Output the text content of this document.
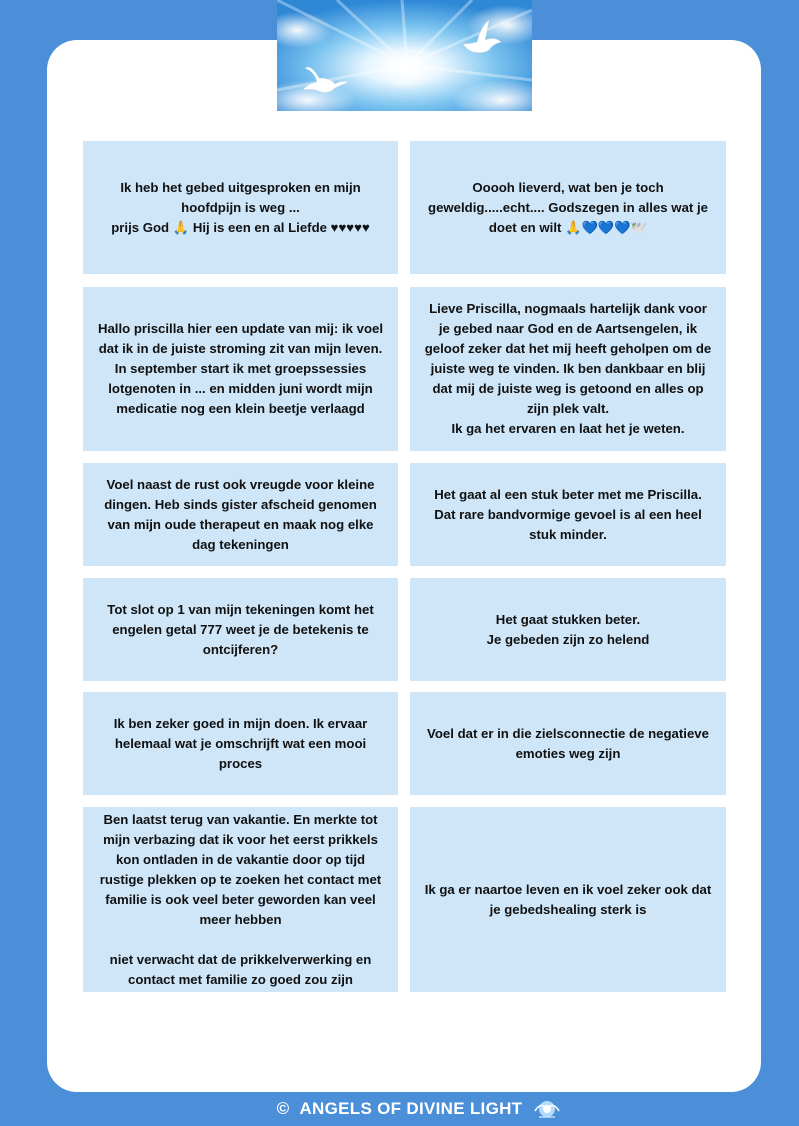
Ik heb het gebed uitgesproken en mijn hoofdpijn is weg ...
prijs God 🙏 Hij is een en al Liefde ♥♥♥♥♥
Ooooh lieverd, wat ben je toch geweldig.....echt.... Godszegen in alles wat je doet en wilt 🙏💙💙💙🕊️
Hallo priscilla hier een update van mij: ik voel dat ik in de juiste stroming zit van mijn leven. In september start ik met groepssessies lotgenoten in ... en midden juni wordt mijn medicatie nog een klein beetje verlaagd
Lieve Priscilla, nogmaals hartelijk dank voor je gebed naar God en de Aartsengelen, ik geloof zeker dat het mij heeft geholpen om de juiste weg te vinden. Ik ben dankbaar en blij dat mij de juiste weg is getoond en alles op zijn plek valt.
Ik ga het ervaren en laat het je weten.
Voel naast de rust ook vreugde voor kleine dingen. Heb sinds gister afscheid genomen van mijn oude therapeut en maak nog elke dag tekeningen
Het gaat al een stuk beter met me Priscilla. Dat rare bandvormige gevoel is al een heel stuk minder.
Tot slot op 1 van mijn tekeningen komt het engelen getal 777 weet je de betekenis te ontcijferen?
Het gaat stukken beter.
Je gebeden zijn zo helend
Ik ben zeker goed in mijn doen. Ik ervaar helemaal wat je omschrijft wat een mooi proces
Voel dat er in die zielsconnectie de negatieve emoties weg zijn
Ben laatst terug van vakantie. En merkte tot mijn verbazing dat ik voor het eerst prikkels kon ontladen in de vakantie door op tijd rustige plekken op te zoeken het contact met familie is ook veel beter geworden kan veel meer hebben

niet verwacht dat de prikkelverwerking en contact met familie zo goed zou zijn
Ik ga er naartoe leven en ik voel zeker ook dat je gebedshealing sterk is
© ANGELS OF DIVINE LIGHT
